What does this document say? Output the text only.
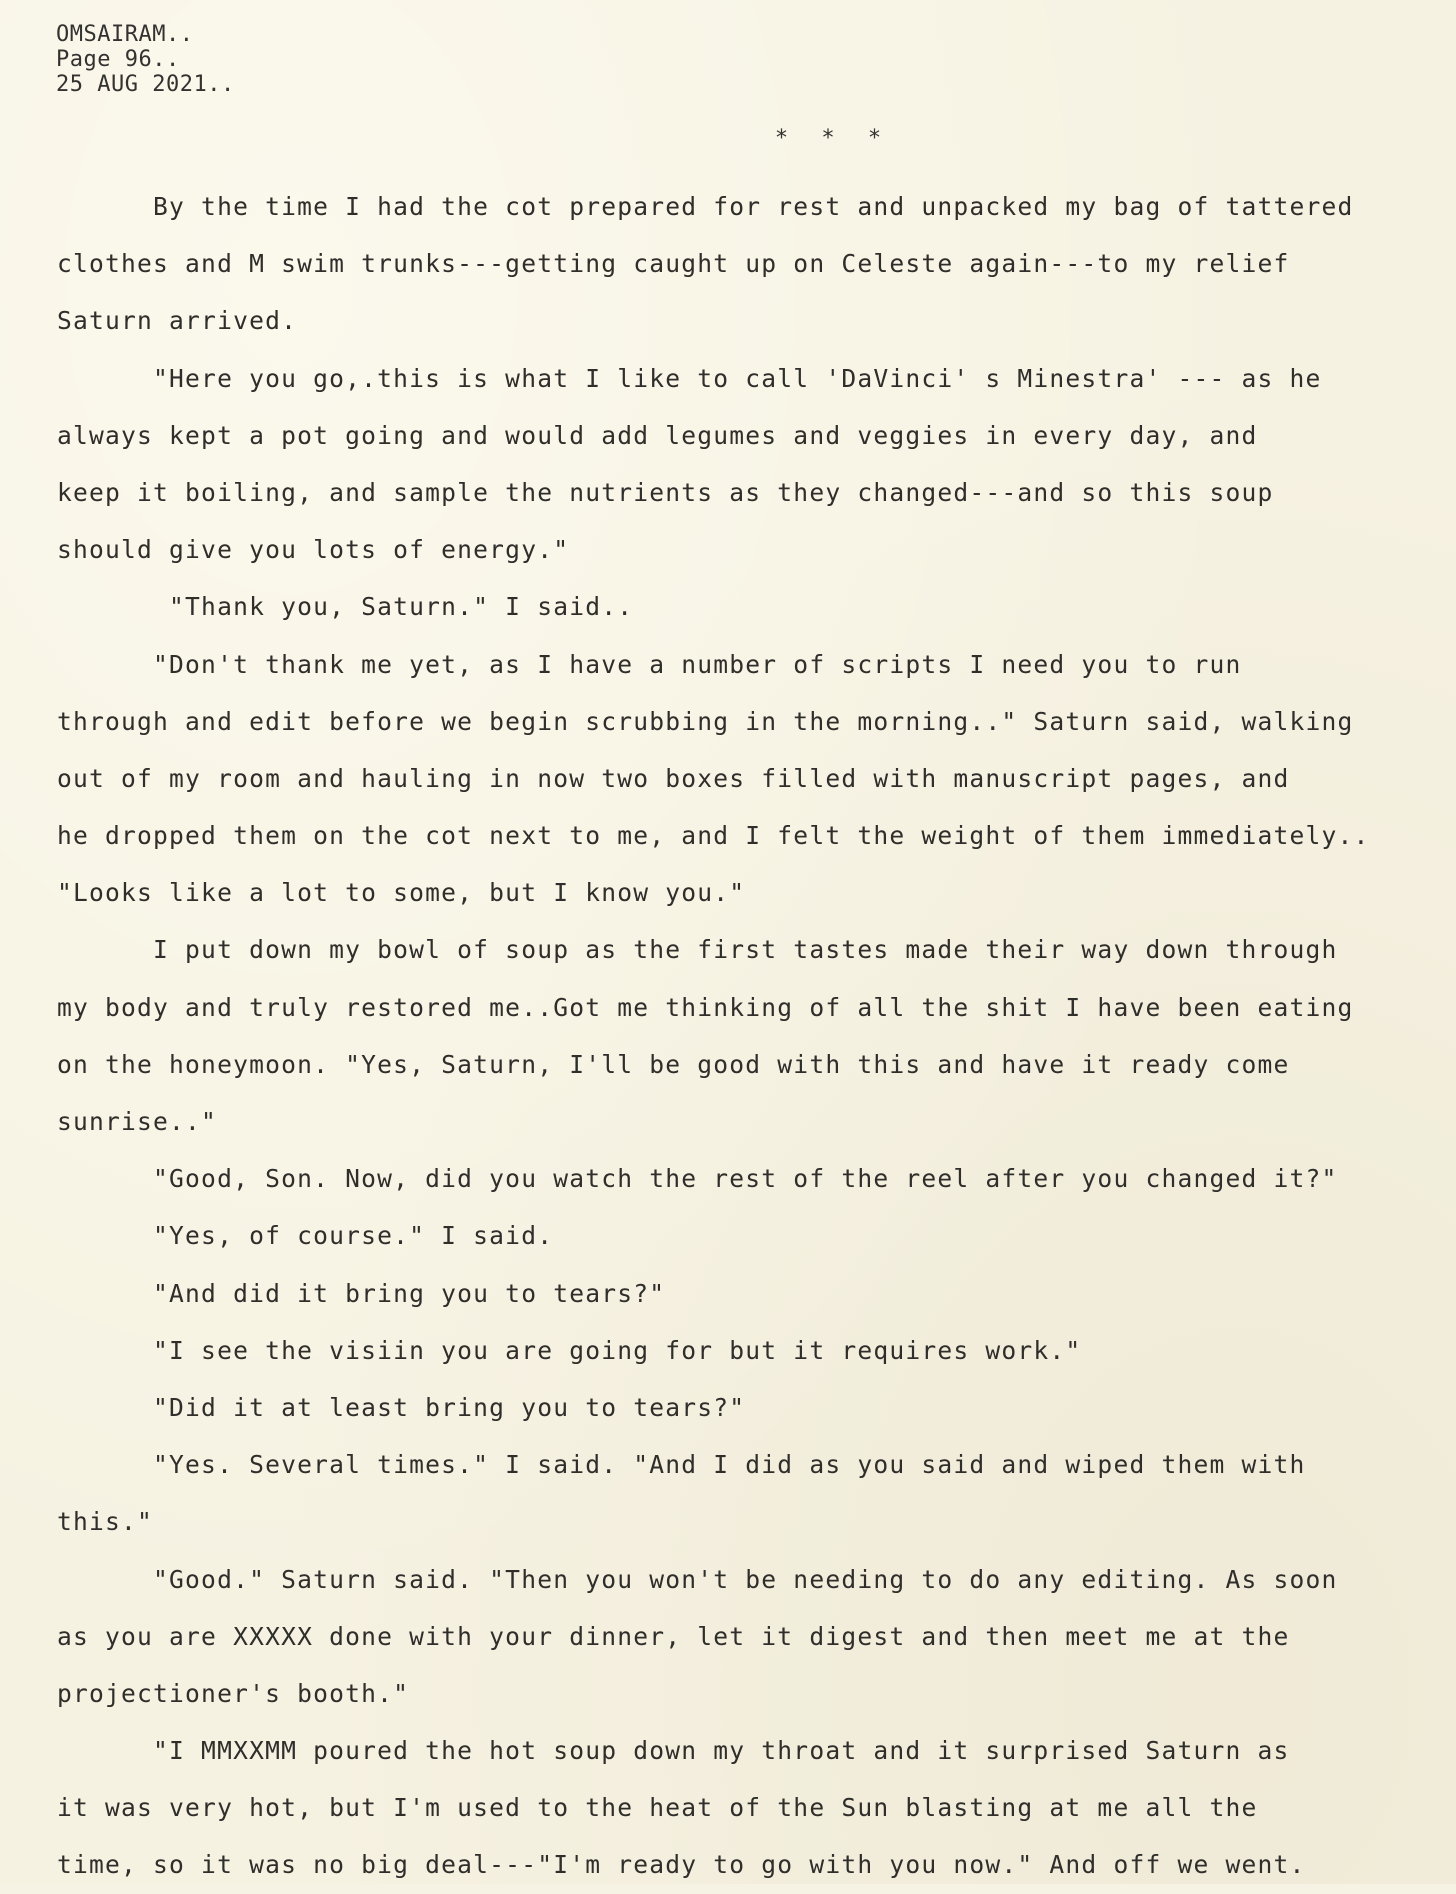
OMSAIRAM..
Page 96..
25 AUG 2021..
* * *
By the time I had the cot prepared for rest and unpacked my bag of tattered
clothes and M swim trunks---getting caught up on Celeste again---to my relief
Saturn arrived.
"Here you go,.this is what I like to call 'DaVinci' s Minestra' --- as he
always kept a pot going and would add legumes and veggies in every day, and
keep it boiling, and sample the nutrients as they changed---and so this soup
should give you lots of energy."
"Thank you, Saturn." I said..
"Don't thank me yet, as I have a number of scripts I need you to run
through and edit before we begin scrubbing in the morning.." Saturn said, walking
out of my room and hauling in now two boxes filled with manuscript pages, and
he dropped them on the cot next to me, and I felt the weight of them immediately..
"Looks like a lot to some, but I know you."
I put down my bowl of soup as the first tastes made their way down through
my body and truly restored me..Got me thinking of all the shit I have been eating
on the honeymoon. "Yes, Saturn, I'll be good with this and have it ready come
sunrise.."
"Good, Son. Now, did you watch the rest of the reel after you changed it?"
"Yes, of course." I said.
"And did it bring you to tears?"
"I see the visiin you are going for but it requires work."
"Did it at least bring you to tears?"
"Yes. Several times." I said. "And I did as you said and wiped them with
this."
"Good." Saturn said. "Then you won't be needing to do any editing. As soon
as you are XXXXX done with your dinner, let it digest and then meet me at the
projectioner's booth."
"I MMXXMM poured the hot soup down my throat and it surprised Saturn as
it was very hot, but I'm used to the heat of the Sun blasting at me all the
time, so it was no big deal---"I'm ready to go with you now." And off we went.
